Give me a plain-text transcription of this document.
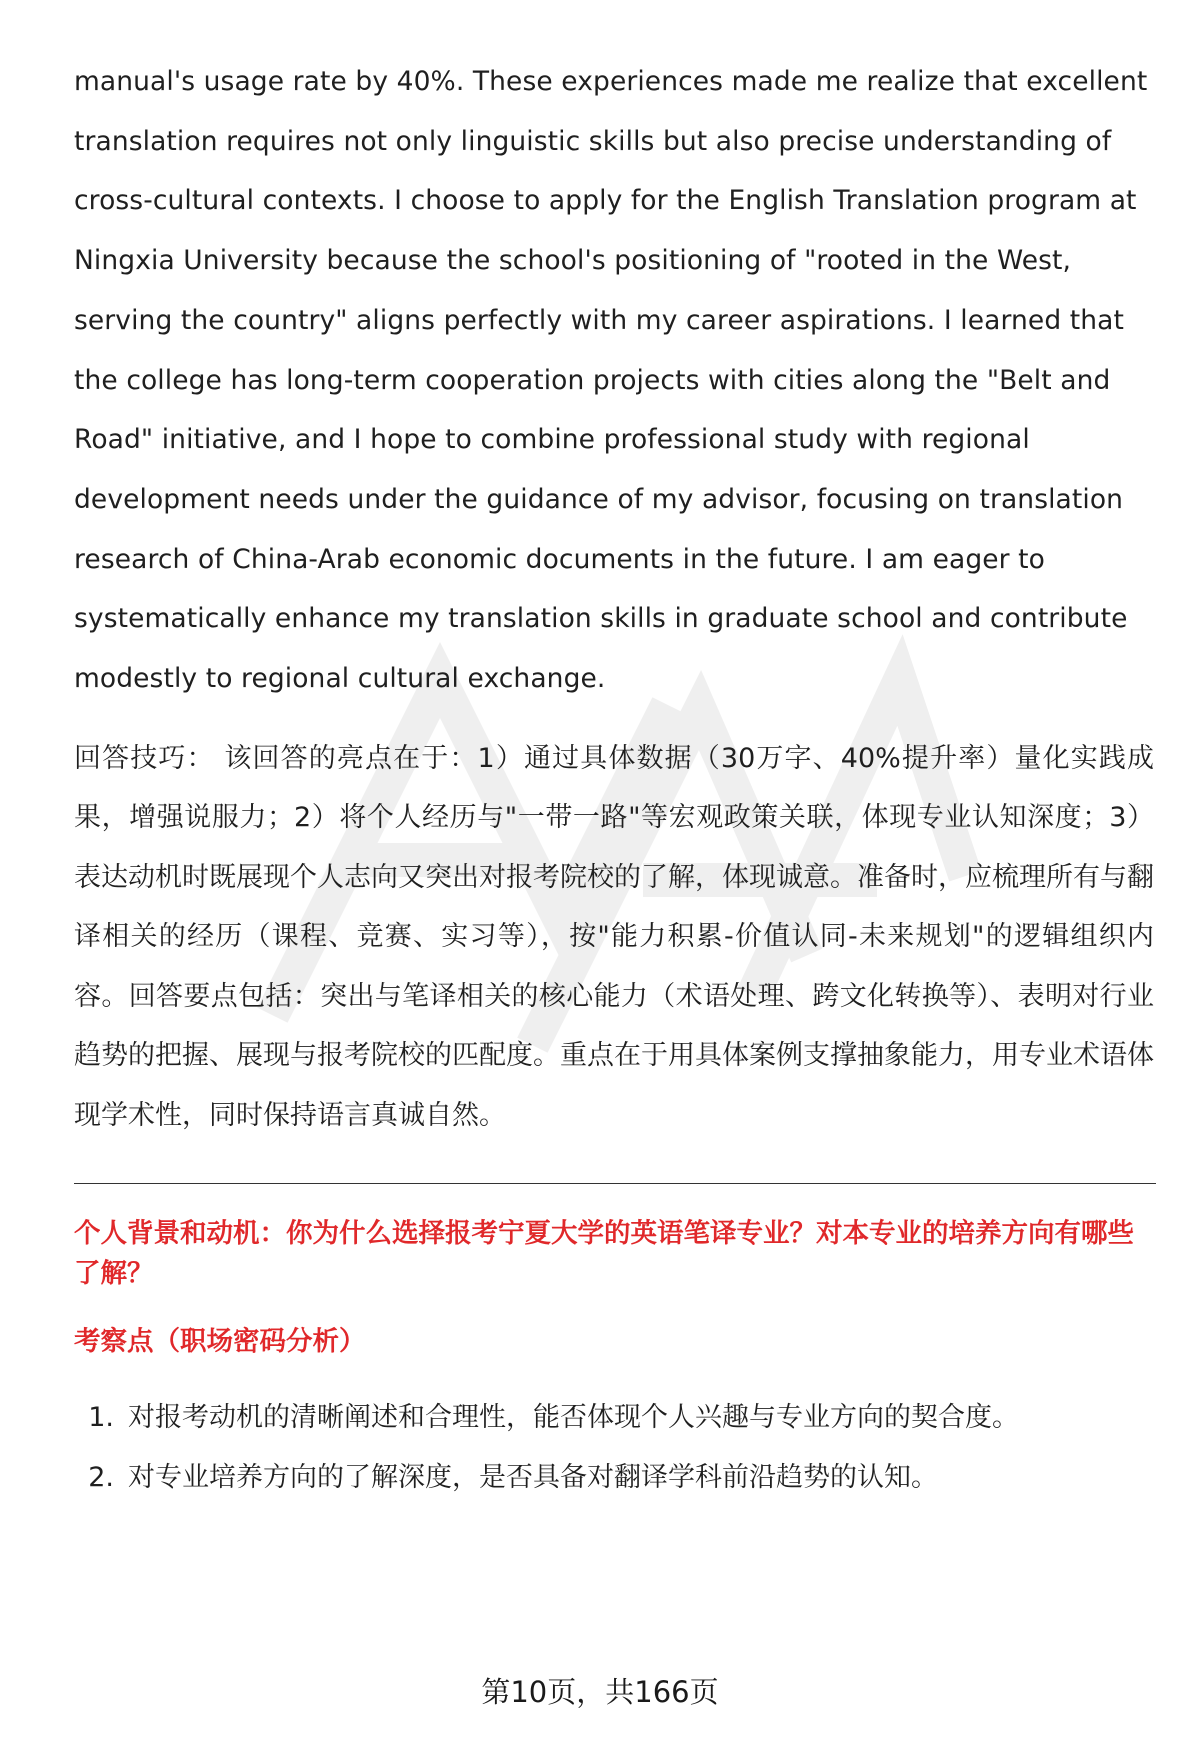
manual's usage rate by 40%. These experiences made me realize that excellent translation requires not only linguistic skills but also precise understanding of cross-cultural contexts. I choose to apply for the English Translation program at Ningxia University because the school's positioning of "rooted in the West, serving the country" aligns perfectly with my career aspirations. I learned that the college has long-term cooperation projects with cities along the "Belt and Road" initiative, and I hope to combine professional study with regional development needs under the guidance of my advisor, focusing on translation research of China-Arab economic documents in the future. I am eager to systematically enhance my translation skills in graduate school and contribute modestly to regional cultural exchange.

回答技巧： 该回答的亮点在于：1）通过具体数据（30万字、40%提升率）量化实践成果，增强说服力；2）将个人经历与"一带一路"等宏观政策关联，体现专业认知深度；3）表达动机时既展现个人志向又突出对报考院校的了解，体现诚意。准备时，应梳理所有与翻译相关的经历（课程、竞赛、实习等），按"能力积累-价值认同-未来规划"的逻辑组织内容。回答要点包括：突出与笔译相关的核心能力（术语处理、跨文化转换等）、表明对行业趋势的把握、展现与报考院校的匹配度。重点在于用具体案例支撑抽象能力，用专业术语体现学术性，同时保持语言真诚自然。

个人背景和动机：你为什么选择报考宁夏大学的英语笔译专业？对本专业的培养方向有哪些了解？
考察点（职场密码分析）
1. 对报考动机的清晰阐述和合理性，能否体现个人兴趣与专业方向的契合度。
2. 对专业培养方向的了解深度，是否具备对翻译学科前沿趋势的认知。
第10页，共166页
